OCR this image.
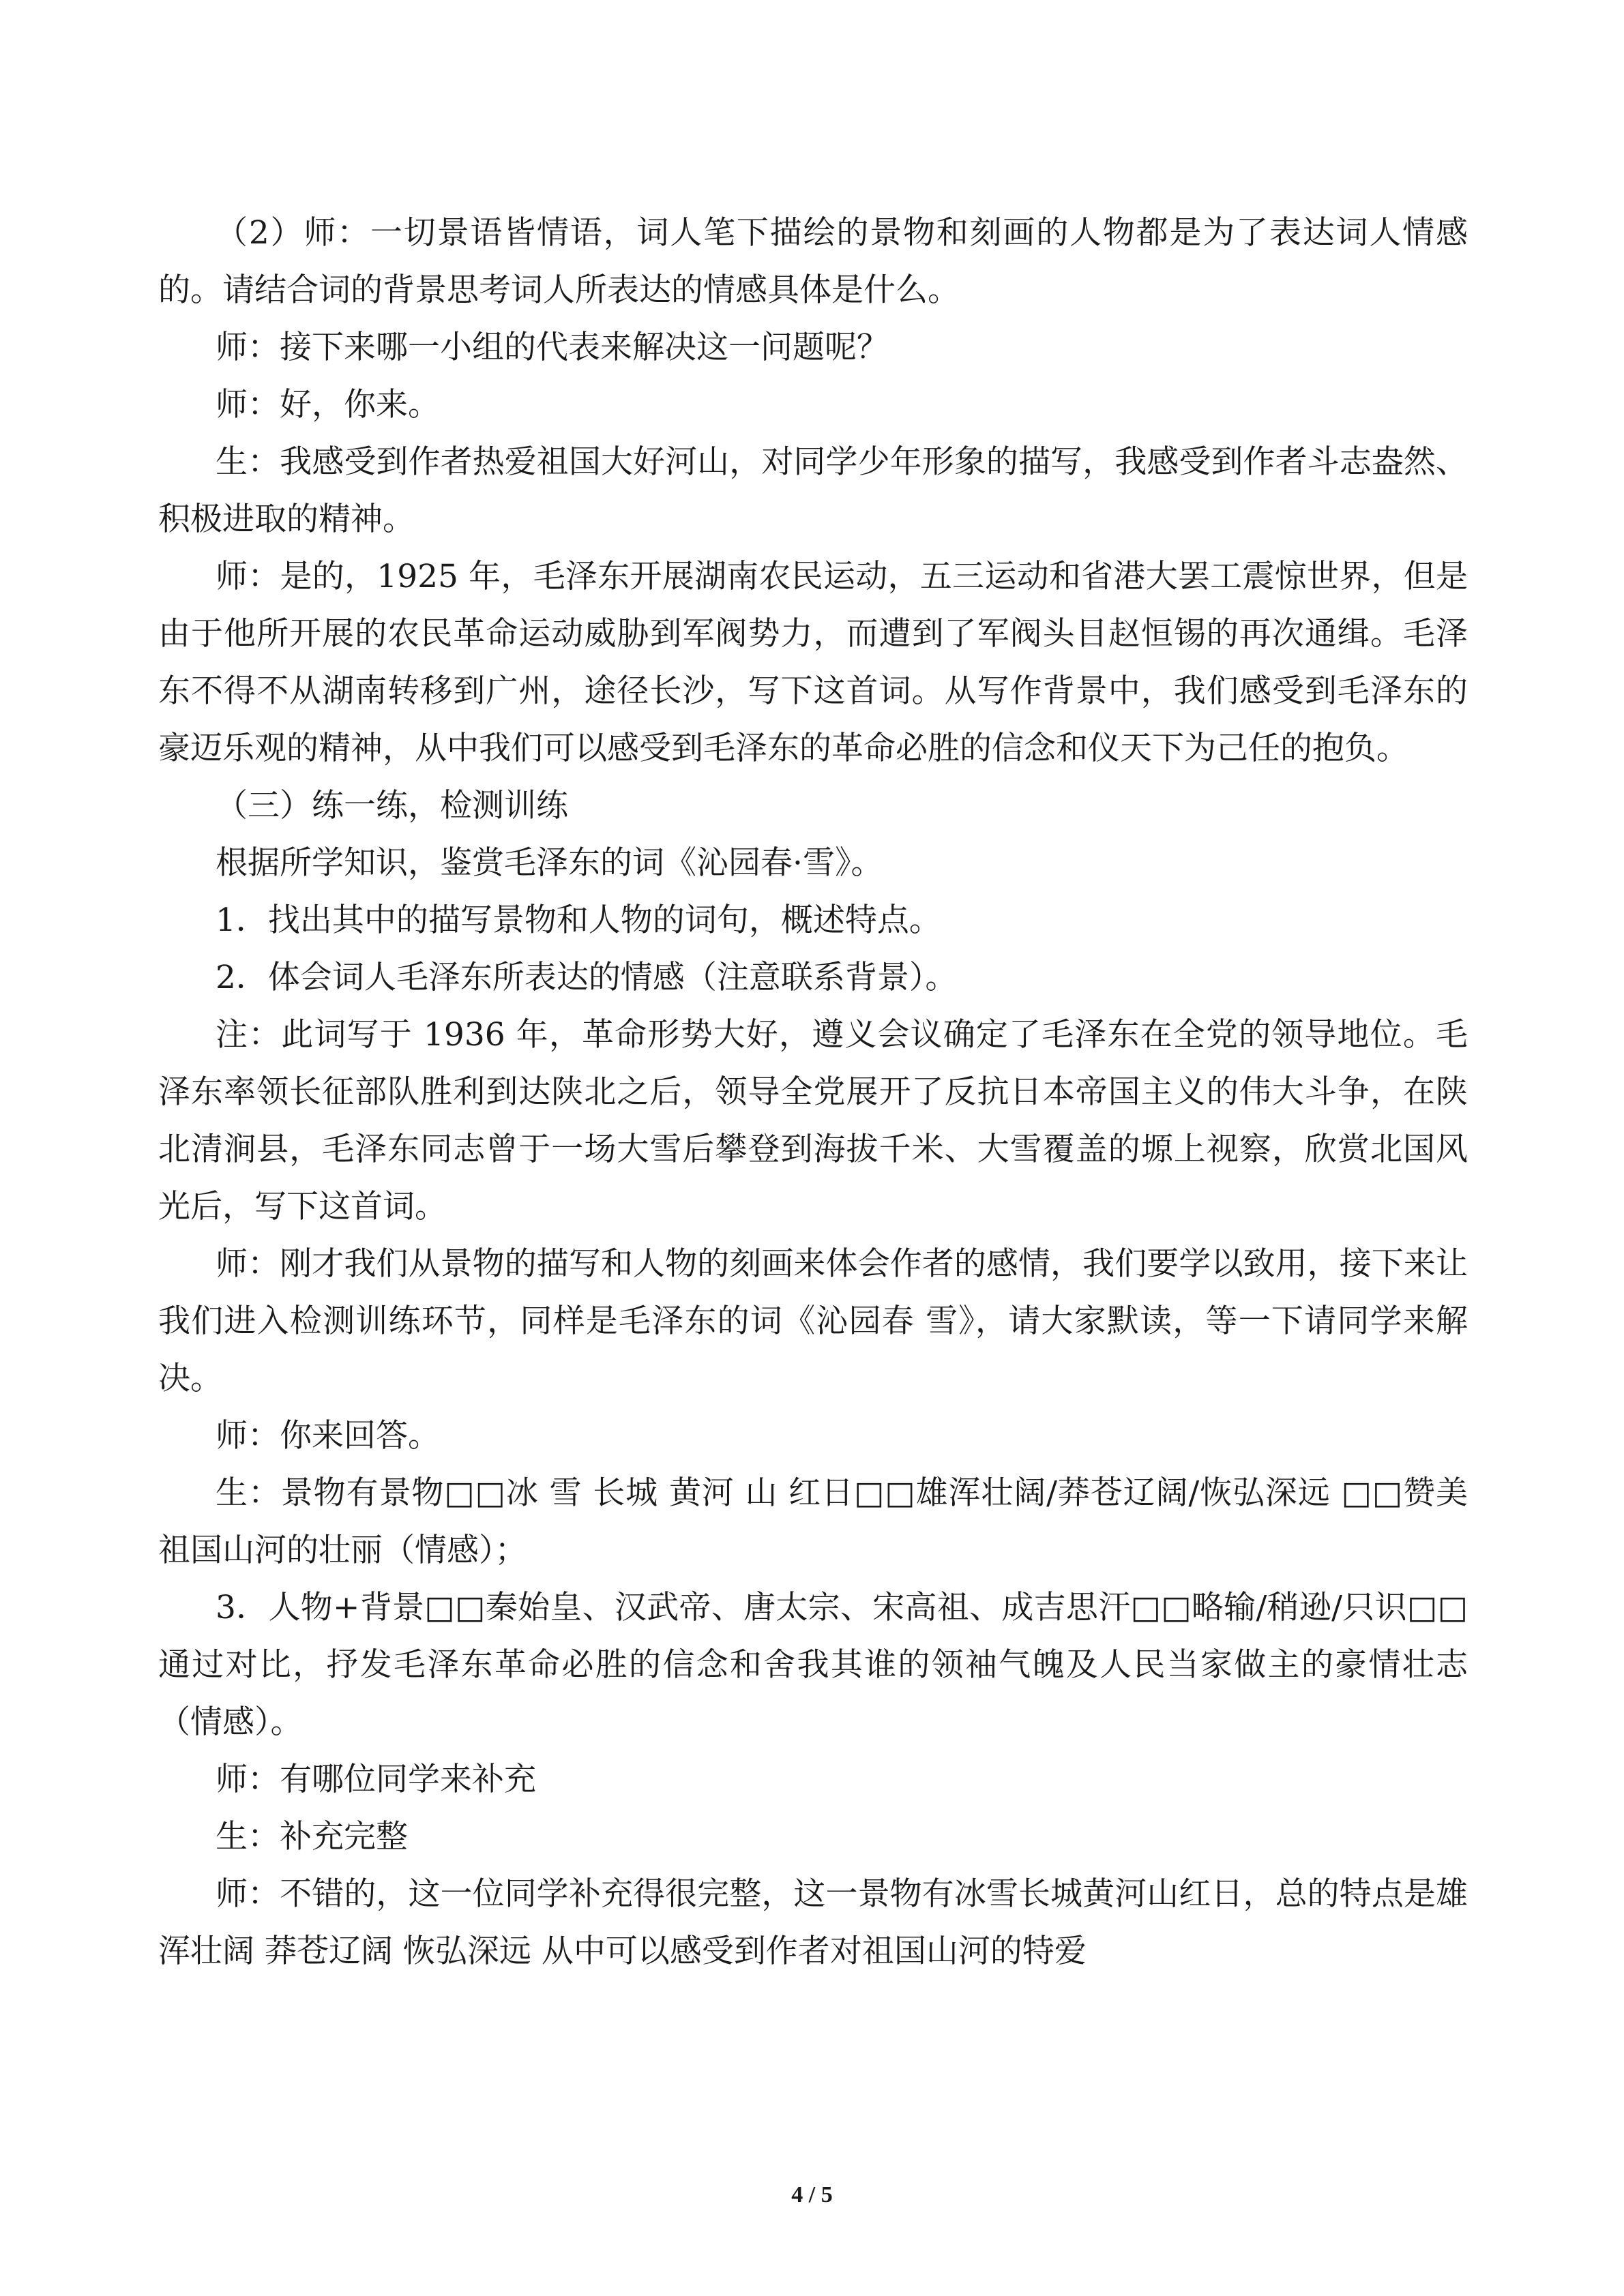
（2）师：一切景语皆情语，词人笔下描绘的景物和刻画的人物都是为了表达词人情感的。请结合词的背景思考词人所表达的情感具体是什么。

师：接下来哪一小组的代表来解决这一问题呢？

师：好，你来。

生：我感受到作者热爱祖国大好河山，对同学少年形象的描写，我感受到作者斗志盎然、积极进取的精神。

师：是的，1925 年，毛泽东开展湖南农民运动，五三运动和省港大罢工震惊世界，但是由于他所开展的农民革命运动威胁到军阀势力，而遭到了军阀头目赵恒锡的再次通缉。毛泽东不得不从湖南转移到广州，途径长沙，写下这首词。从写作背景中，我们感受到毛泽东的豪迈乐观的精神，从中我们可以感受到毛泽东的革命必胜的信念和仪天下为己任的抱负。

（三）练一练，检测训练

根据所学知识，鉴赏毛泽东的词《沁园春·雪》。

1．找出其中的描写景物和人物的词句，概述特点。

2．体会词人毛泽东所表达的情感（注意联系背景）。

注：此词写于 1936 年，革命形势大好，遵义会议确定了毛泽东在全党的领导地位。毛泽东率领长征部队胜利到达陕北之后，领导全党展开了反抗日本帝国主义的伟大斗争，在陕北清涧县，毛泽东同志曾于一场大雪后攀登到海拔千米、大雪覆盖的塬上视察，欣赏北国风光后，写下这首词。

师：刚才我们从景物的描写和人物的刻画来体会作者的感情，我们要学以致用，接下来让我们进入检测训练环节，同样是毛泽东的词《沁园春 雪》，请大家默读，等一下请同学来解决。

师：你来回答。

生：景物有景物□□冰 雪 长城 黄河 山 红日□□雄浑壮阔/莽苍辽阔/恢弘深远 □□赞美祖国山河的壮丽（情感）；

3．人物+背景□□秦始皇、汉武帝、唐太宗、宋高祖、成吉思汗□□略输/稍逊/只识□□通过对比，抒发毛泽东革命必胜的信念和舍我其谁的领袖气魄及人民当家做主的豪情壮志（情感）。

师：有哪位同学来补充

生：补充完整

师：不错的，这一位同学补充得很完整，这一景物有冰雪长城黄河山红日，总的特点是雄浑壮阔 莽苍辽阔 恢弘深远 从中可以感受到作者对祖国山河的特爱

4 / 5
